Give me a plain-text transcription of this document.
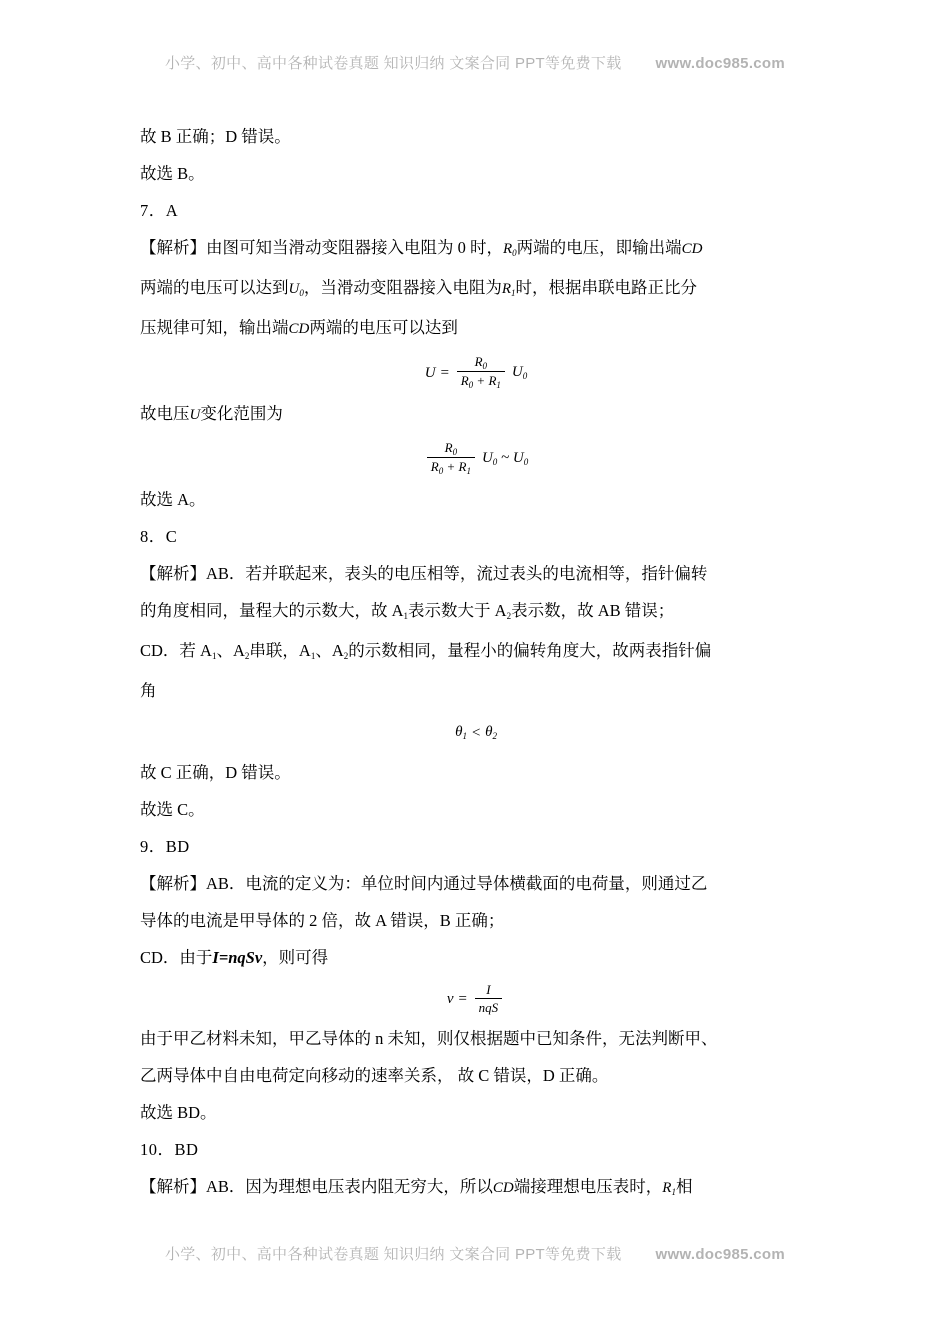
小学、初中、高中各种试卷真题 知识归纳 文案合同 PPT等免费下载 www.doc985.com

故 B 正确；D 错误。

故选 B。

7．A

【解析】由图可知当滑动变阻器接入电阻为 0 时，$R_0$两端的电压，即输出端CD

两端的电压可以达到$U_0$，当滑动变阻器接入电阻为$R_1$时，根据串联电路正比分

压规律可知，输出端CD两端的电压可以达到

$U = \frac{R_0}{R_0 + R_1} U_0$

故电压U变化范围为

$\frac{R_0}{R_0 + R_1} U_0$ ~ $U_0$

故选 A。

8．C

【解析】AB．若并联起来，表头的电压相等，流过表头的电流相等，指针偏转

的角度相同，量程大的示数大，故 $A_1$表示数大于 $A_2$表示数，故 AB 错误；

CD．若 $A_1$、$A_2$串联，$A_1$、$A_2$的示数相同，量程小的偏转角度大，故两表指针偏

角

$\theta_1 < \theta_2$

故 C 正确，D 错误。

故选 C。

9．BD

【解析】AB．电流的定义为：单位时间内通过导体横截面的电荷量，则通过乙

导体的电流是甲导体的 2 倍，故 A 错误，B 正确；

CD．由于I=nqSv，则可得

$v = \frac{I}{\text{nqS}}$

由于甲乙材料未知，甲乙导体的 n 未知，则仅根据题中已知条件，无法判断甲、

乙两导体中自由电荷定向移动的速率关系， 故 C 错误，D 正确。

故选 BD。

10．BD

【解析】AB．因为理想电压表内阻无穷大，所以CD端接理想电压表时，$R_1$相

小学、初中、高中各种试卷真题 知识归纳 文案合同 PPT等免费下载 www.doc985.com
